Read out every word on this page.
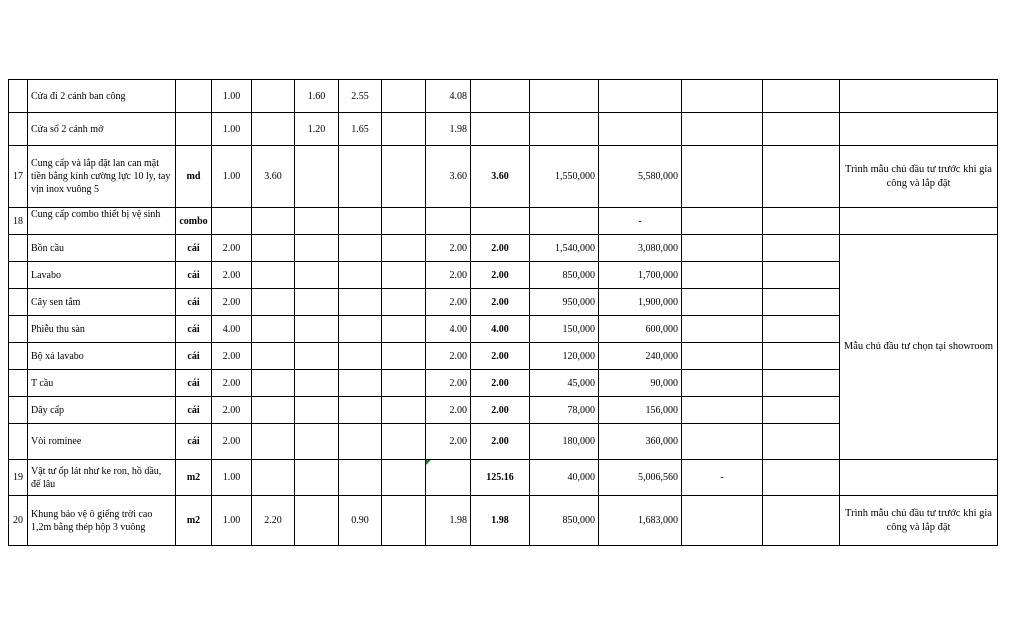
	Cửa đi 2 cánh ban công		1.00		1.60	2.55		4.08						
	Cửa sổ 2 cánh mở		1.00		1.20	1.65		1.98						
17	Cung cấp và lắp đặt lan can mặt tiền bằng kính cường lực 10 ly, tay vịn inox vuông 5	md	1.00	3.60				3.60	3.60	1,550,000	5,580,000			Trình mẫu chủ đầu tư trước khi gia công và lắp đặt
18	Cung cấp combo thiết bị vệ sinh	combo									-			
	Bồn cầu	cái	2.00					2.00	2.00	1,540,000	3,080,000			Mẫu chủ đầu tư chọn tại showroom
	Lavabo	cái	2.00					2.00	2.00	850,000	1,700,000			
	Cây sen tắm	cái	2.00					2.00	2.00	950,000	1,900,000			
	Phiễu thu sàn	cái	4.00					4.00	4.00	150,000	600,000			
	Bộ xả lavabo	cái	2.00					2.00	2.00	120,000	240,000			
	T cầu	cái	2.00					2.00	2.00	45,000	90,000			
	Dây cấp	cái	2.00					2.00	2.00	78,000	156,000			
	Vòi rominee	cái	2.00					2.00	2.00	180,000	360,000			
19	Vật tư ốp lát như ke ron, hồ dầu, đế lâu	m2	1.00						125.16	40,000	5,006,560	-		
20	Khung bảo vệ ô giếng trời cao 1,2m bằng thép hộp 3 vuông	m2	1.00	2.20		0.90		1.98	1.98	850,000	1,683,000			Trình mẫu chủ đầu tư trước khi gia công và lắp đặt
